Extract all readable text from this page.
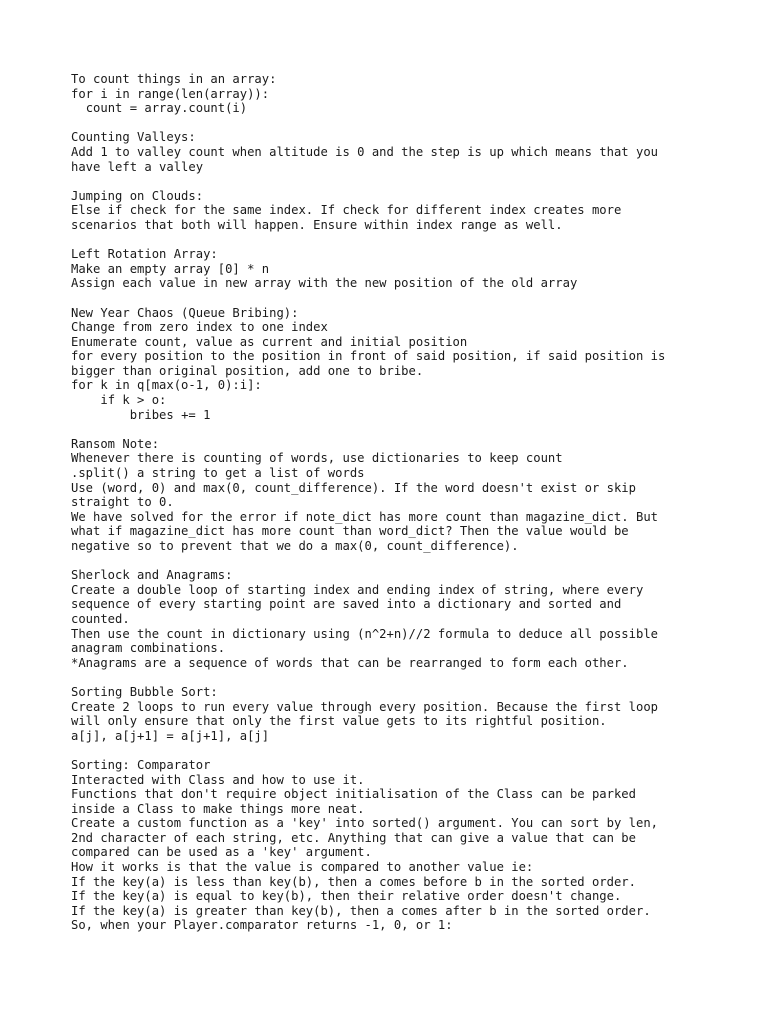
To count things in an array:
for i in range(len(array)):
count = array.count(i)
Counting Valleys:
Add 1 to valley count when altitude is 0 and the step is up which means that you
have left a valley
Jumping on Clouds:
Else if check for the same index. If check for different index creates more
scenarios that both will happen. Ensure within index range as well.
Left Rotation Array:
Make an empty array [0] * n
Assign each value in new array with the new position of the old array
New Year Chaos (Queue Bribing):
Change from zero index to one index
Enumerate count, value as current and initial position
for every position to the position in front of said position, if said position is
bigger than original position, add one to bribe.
for k in q[max(o-1, 0):i]:
if k > o:
bribes += 1
Ransom Note:
Whenever there is counting of words, use dictionaries to keep count
.split() a string to get a list of words
Use (word, 0) and max(0, count_difference). If the word doesn't exist or skip
straight to 0.
We have solved for the error if note_dict has more count than magazine_dict. But
what if magazine_dict has more count than word_dict? Then the value would be
negative so to prevent that we do a max(0, count_difference).
Sherlock and Anagrams:
Create a double loop of starting index and ending index of string, where every
sequence of every starting point are saved into a dictionary and sorted and
counted.
Then use the count in dictionary using (n^2+n)//2 formula to deduce all possible
anagram combinations.
*Anagrams are a sequence of words that can be rearranged to form each other.
Sorting Bubble Sort:
Create 2 loops to run every value through every position. Because the first loop
will only ensure that only the first value gets to its rightful position.
a[j], a[j+1] = a[j+1], a[j]
Sorting: Comparator
Interacted with Class and how to use it.
Functions that don't require object initialisation of the Class can be parked
inside a Class to make things more neat.
Create a custom function as a 'key' into sorted() argument. You can sort by len,
2nd character of each string, etc. Anything that can give a value that can be
compared can be used as a 'key' argument.
How it works is that the value is compared to another value ie:
If the key(a) is less than key(b), then a comes before b in the sorted order.
If the key(a) is equal to key(b), then their relative order doesn't change.
If the key(a) is greater than key(b), then a comes after b in the sorted order.
So, when your Player.comparator returns -1, 0, or 1:
